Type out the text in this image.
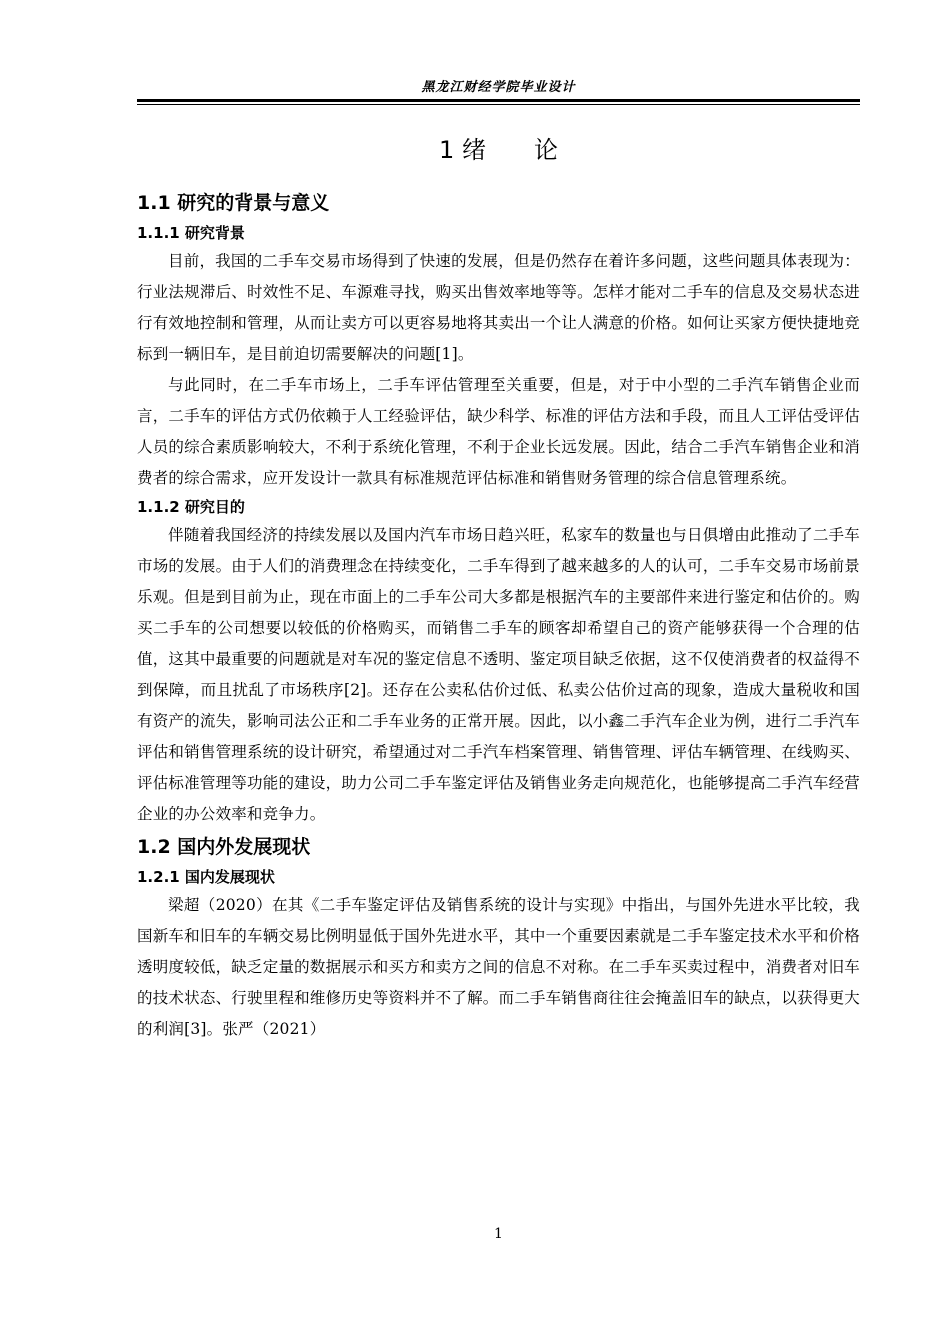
黑龙江财经学院毕业设计
1 绪　　论
1.1 研究的背景与意义
1.1.1 研究背景

目前，我国的二手车交易市场得到了快速的发展，但是仍然存在着许多问题，这些问题具体表现为：行业法规滞后、时效性不足、车源难寻找，购买出售效率地等等。怎样才能对二手车的信息及交易状态进行有效地控制和管理，从而让卖方可以更容易地将其卖出一个让人满意的价格。如何让买家方便快捷地竞标到一辆旧车，是目前迫切需要解决的问题[1]。

与此同时，在二手车市场上，二手车评估管理至关重要，但是，对于中小型的二手汽车销售企业而言，二手车的评估方式仍依赖于人工经验评估，缺少科学、标准的评估方法和手段，而且人工评估受评估人员的综合素质影响较大，不利于系统化管理，不利于企业长远发展。因此，结合二手汽车销售企业和消费者的综合需求，应开发设计一款具有标准规范评估标准和销售财务管理的综合信息管理系统。

1.1.2 研究目的

伴随着我国经济的持续发展以及国内汽车市场日趋兴旺，私家车的数量也与日俱增由此推动了二手车市场的发展。由于人们的消费理念在持续变化，二手车得到了越来越多的人的认可，二手车交易市场前景乐观。但是到目前为止，现在市面上的二手车公司大多都是根据汽车的主要部件来进行鉴定和估价的。购买二手车的公司想要以较低的价格购买，而销售二手车的顾客却希望自己的资产能够获得一个合理的估值，这其中最重要的问题就是对车况的鉴定信息不透明、鉴定项目缺乏依据，这不仅使消费者的权益得不到保障，而且扰乱了市场秩序[2]。还存在公卖私估价过低、私卖公估价过高的现象，造成大量税收和国有资产的流失，影响司法公正和二手车业务的正常开展。因此，以小鑫二手汽车企业为例，进行二手汽车评估和销售管理系统的设计研究，希望通过对二手汽车档案管理、销售管理、评估车辆管理、在线购买、评估标准管理等功能的建设，助力公司二手车鉴定评估及销售业务走向规范化，也能够提高二手汽车经营企业的办公效率和竞争力。

1.2 国内外发展现状
1.2.1 国内发展现状

梁超（2020）在其《二手车鉴定评估及销售系统的设计与实现》中指出，与国外先进水平比较，我国新车和旧车的车辆交易比例明显低于国外先进水平，其中一个重要因素就是二手车鉴定技术水平和价格透明度较低，缺乏定量的数据展示和买方和卖方之间的信息不对称。在二手车买卖过程中，消费者对旧车的技术状态、行驶里程和维修历史等资料并不了解。而二手车销售商往往会掩盖旧车的缺点，以获得更大的利润[3]。张严（2021）

1
